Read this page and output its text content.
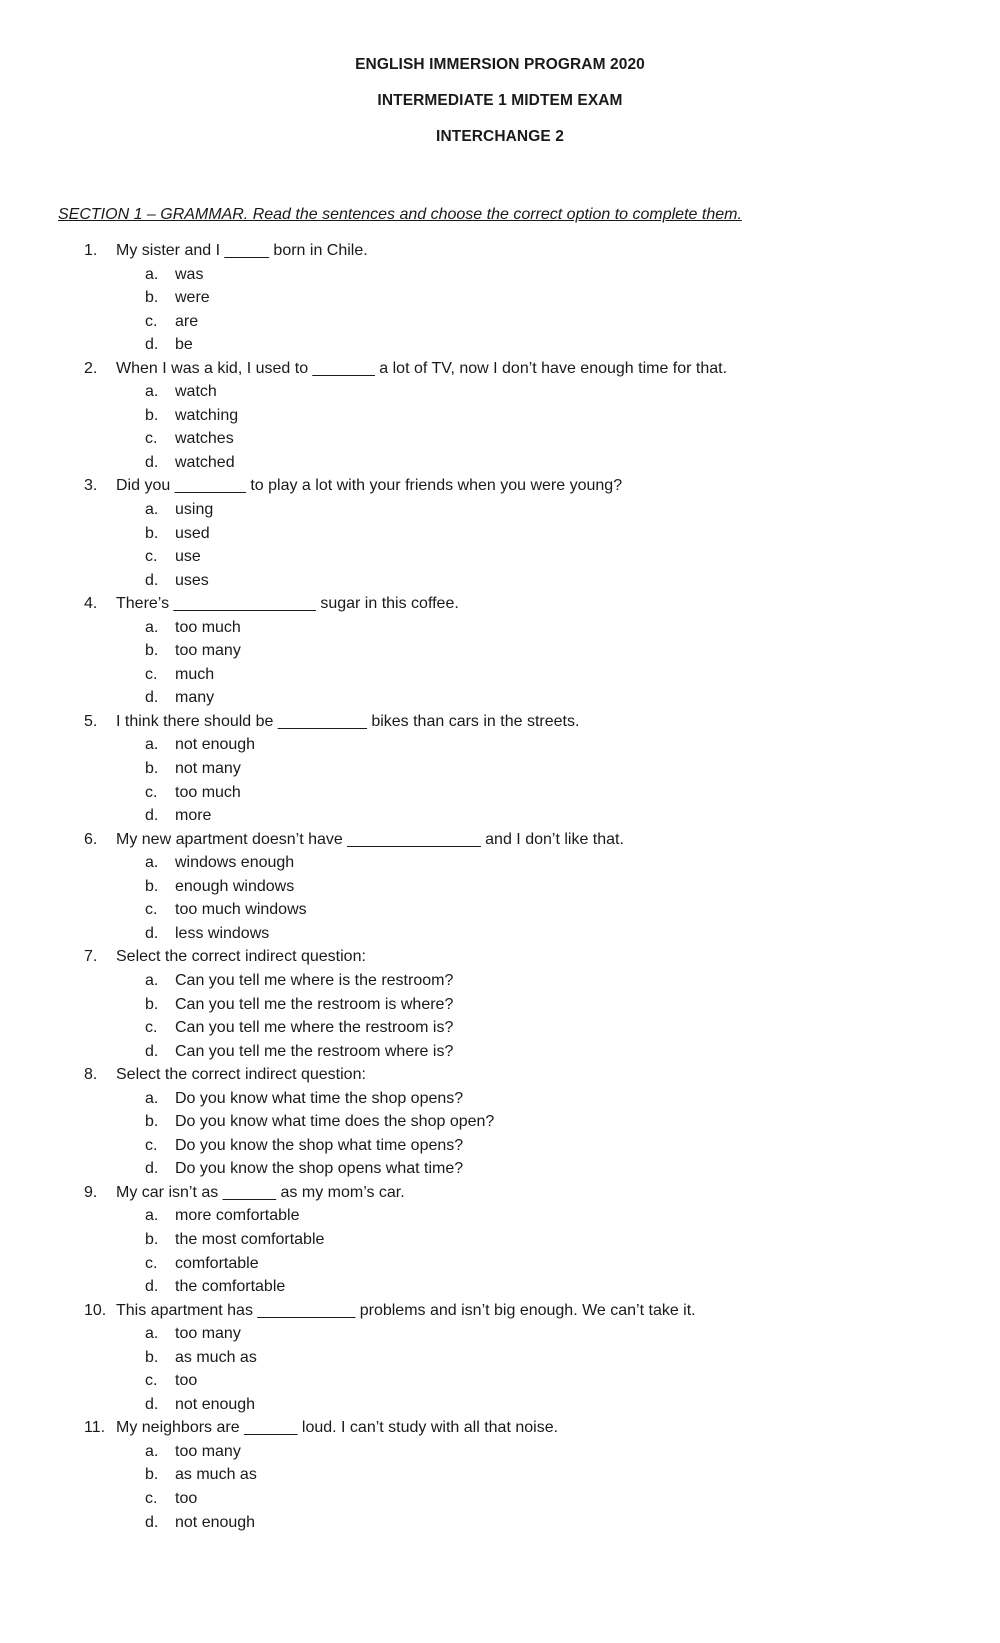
ENGLISH IMMERSION PROGRAM 2020
INTERMEDIATE 1 MIDTEM EXAM
INTERCHANGE 2
SECTION 1 – GRAMMAR. Read the sentences and choose the correct option to complete them.
1.	My sister and I _____ born in Chile.
a.	was
b.	were
c.	are
d.	be
2.	When I was a kid, I used to _______ a lot of TV, now I don’t have enough time for that.
a.	watch
b.	watching
c.	watches
d.	watched
3.	Did you ________ to play a lot with your friends when you were young?
a.	using
b.	used
c.	use
d.	uses
4.	There’s ________________ sugar in this coffee.
a.	too much
b.	too many
c.	much
d.	many
5.	I think there should be __________ bikes than cars in the streets.
a.	not enough
b.	not many
c.	too much
d.	more
6.	My new apartment doesn’t have _______________ and I don’t like that.
a.	windows enough
b.	enough windows
c.	too much windows
d.	less windows
7.	Select the correct indirect question:
a.	Can you tell me where is the restroom?
b.	Can you tell me the restroom is where?
c.	Can you tell me where the restroom is?
d.	Can you tell me the restroom where is?
8.	Select the correct indirect question:
a.	Do you know what time the shop opens?
b.	Do you know what time does the shop open?
c.	Do you know the shop what time opens?
d.	Do you know the shop opens what time?
9.	My car isn’t as ______ as my mom’s car.
a.	more comfortable
b.	the most comfortable
c.	comfortable
d.	the comfortable
10. This apartment has ___________ problems and isn’t big enough. We can’t take it.
a.	too many
b.	as much as
c.	too
d.	not enough
11. My neighbors are ______ loud. I can’t study with all that noise.
a.	too many
b.	as much as
c.	too
d.	not enough
